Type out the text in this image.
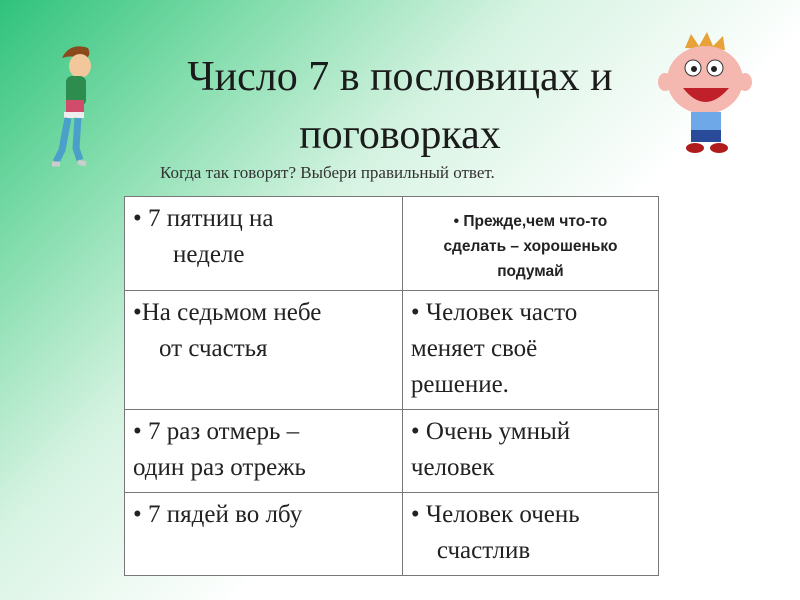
Число 7 в пословицах и поговорках

Когда так говорят? Выбери правильный ответ.

• 7 пятниц на
неделе	• Прежде,чем что-то
сделать – хорошенько
подумай

•На седьмом небе
от счастья	• Человек часто
меняет своё
решение.

• 7 раз отмерь –
один раз отрежь	• Очень умный
человек

• 7 пядей во лбу	• Человек очень
счастлив
